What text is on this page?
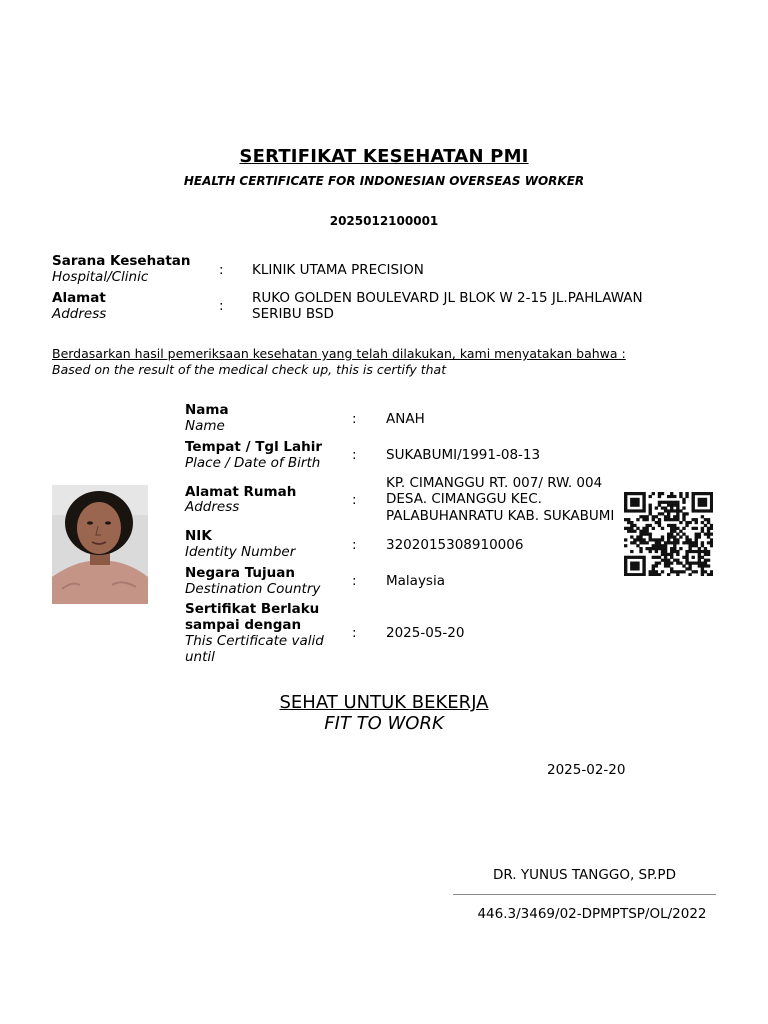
SERTIFIKAT KESEHATAN PMI
HEALTH CERTIFICATE FOR INDONESIAN OVERSEAS WORKER
2025012100001
Sarana Kesehatan
Hospital/Clinic	: KLINIK UTAMA PRECISION
Alamat
Address	: RUKO GOLDEN BOULEVARD JL BLOK W 2-15 JL.PAHLAWAN
SERIBU BSD
Berdasarkan hasil pemeriksaan kesehatan yang telah dilakukan, kami menyatakan bahwa :
Based on the result of the medical check up, this is certify that
Nama
Name	: ANAH
Tempat / Tgl Lahir
Place / Date of Birth : SUKABUMI/1991-08-13
Alamat Rumah
Address	:
KP. CIMANGGU RT. 007/ RW. 004
DESA. CIMANGGU KEC.
PALABUHANRATU KAB. SUKABUMI
NIK
Identity Number	: 3202015308910006
Negara Tujuan
Destination Country : Malaysia
Sertifikat Berlaku
sampai dengan
This Certificate valid
until
: 2025-05-20
SEHAT UNTUK BEKERJA
FIT TO WORK
2025-02-20
DR. YUNUS TANGGO, SP.PD
446.3/3469/02-DPMPTSP/OL/2022
